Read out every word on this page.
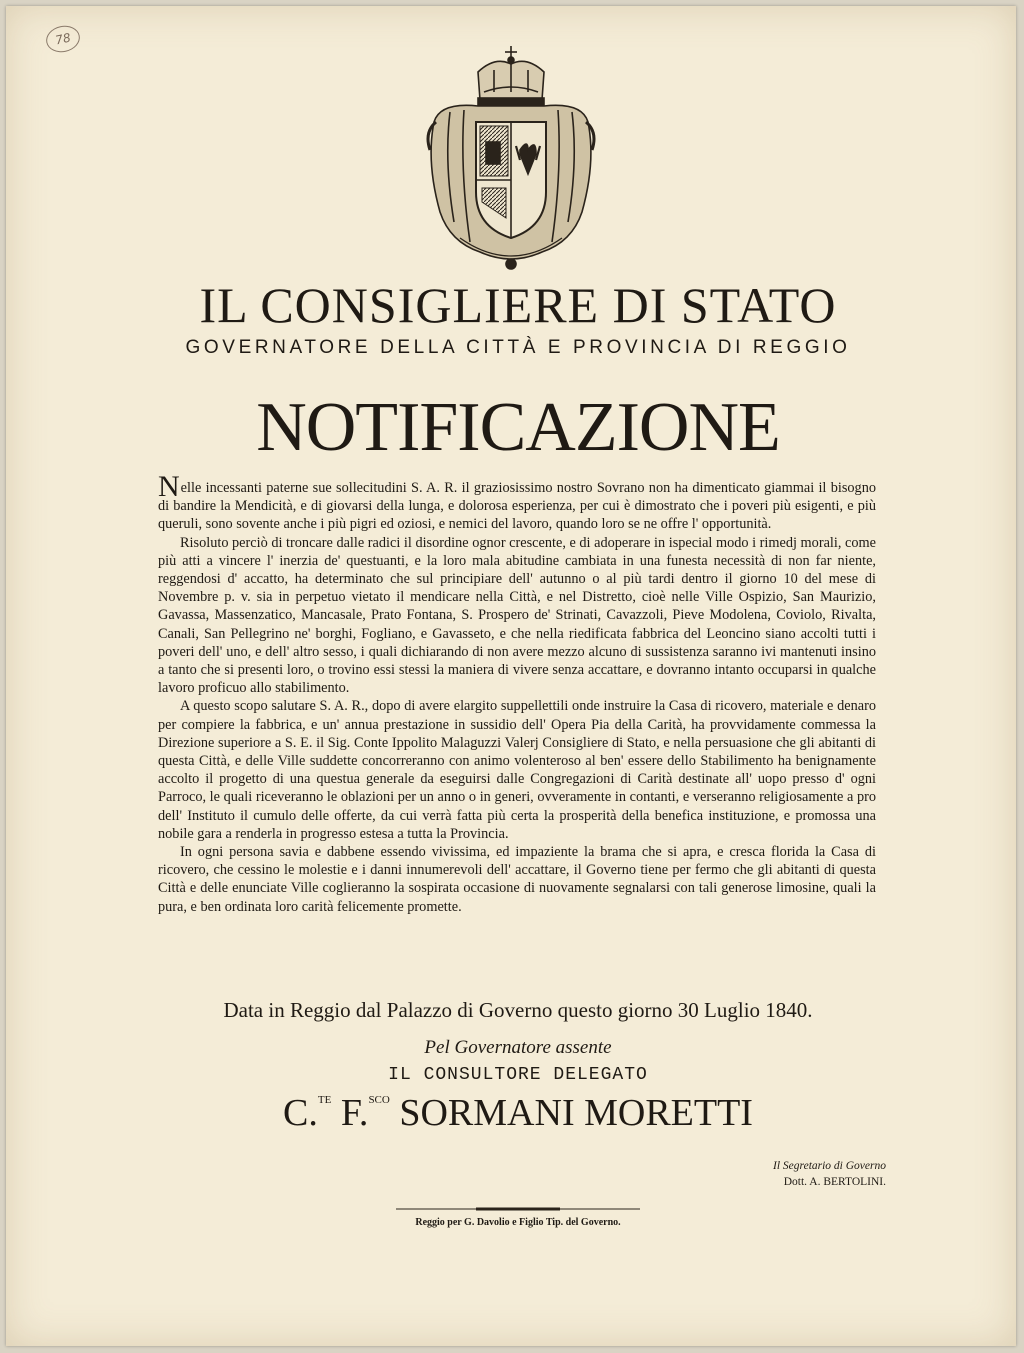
78
IL CONSIGLIERE DI STATO
GOVERNATORE DELLA CITTÀ E PROVINCIA DI REGGIO
NOTIFICAZIONE

Nelle incessanti paterne sue sollecitudini S. A. R. il graziosissimo nostro Sovrano non ha dimenticato giammai il bisogno di bandire la Mendicità, e di giovarsi della lunga, e dolorosa esperienza, per cui è dimostrato che i poveri più esigenti, e più queruli, sono sovente anche i più pigri ed oziosi, e nemici del lavoro, quando loro se ne offre l' opportunità.

Risoluto perciò di troncare dalle radici il disordine ognor crescente, e di adoperare in ispecial modo i rimedj morali, come più atti a vincere l' inerzia de' questuanti, e la loro mala abitudine cambiata in una funesta necessità di non far niente, reggendosi d' accatto, ha determinato che sul principiare dell' autunno o al più tardi dentro il giorno 10 del mese di Novembre p. v. sia in perpetuo vietato il mendicare nella Città, e nel Distretto, cioè nelle Ville Ospizio, San Maurizio, Gavassa, Massenzatico, Mancasale, Prato Fontana, S. Prospero de' Strinati, Cavazzoli, Pieve Modolena, Coviolo, Rivalta, Canali, San Pellegrino ne' borghi, Fogliano, e Gavasseto, e che nella riedificata fabbrica del Leoncino siano accolti tutti i poveri dell' uno, e dell' altro sesso, i quali dichiarando di non avere mezzo alcuno di sussistenza saranno ivi mantenuti insino a tanto che si presenti loro, o trovino essi stessi la maniera di vivere senza accattare, e dovranno intanto occuparsi in qualche lavoro proficuo allo stabilimento.

A questo scopo salutare S. A. R., dopo di avere elargito suppellettili onde instruire la Casa di ricovero, materiale e denaro per compiere la fabbrica, e un' annua prestazione in sussidio dell' Opera Pia della Carità, ha provvidamente commessa la Direzione superiore a S. E. il Sig. Conte Ippolito Malaguzzi Valerj Consigliere di Stato, e nella persuasione che gli abitanti di questa Città, e delle Ville suddette concorreranno con animo volenteroso al ben' essere dello Stabilimento ha benignamente accolto il progetto di una questua generale da eseguirsi dalle Congregazioni di Carità destinate all' uopo presso d' ogni Parroco, le quali riceveranno le oblazioni per un anno o in generi, ovveramente in contanti, e verseranno religiosamente a pro dell' Instituto il cumulo delle offerte, da cui verrà fatta più certa la prosperità della benefica instituzione, e promossa una nobile gara a renderla in progresso estesa a tutta la Provincia.

In ogni persona savia e dabbene essendo vivissima, ed impaziente la brama che si apra, e cresca florida la Casa di ricovero, che cessino le molestie e i danni innumerevoli dell' accattare, il Governo tiene per fermo che gli abitanti di questa Città e delle enunciate Ville coglieranno la sospirata occasione di nuovamente segnalarsi con tali generose limosine, quali la pura, e ben ordinata loro carità felicemente promette.

Data in Reggio dal Palazzo di Governo questo giorno 30 Luglio 1840.
Pel Governatore assente
IL CONSULTORE DELEGATO
C.$^{TE}$ F.$^{SCO}$ SORMANI MORETTI
Il Segretario di Governo
Dott. A. BERTOLINI.
Reggio per G. Davolio e Figlio Tip. del Governo.
